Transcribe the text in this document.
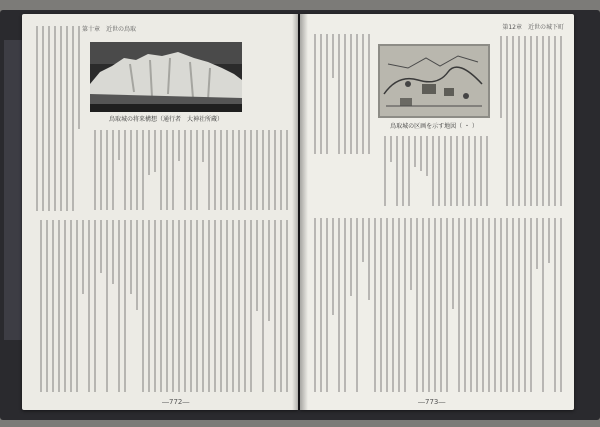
第十章　近世の鳥取
鳥取城の将来構想（通行者　大神社所蔵）
―772―
第12章　近世の城下町
鳥取城の区画を示す地図（ ・ ）
―773―
